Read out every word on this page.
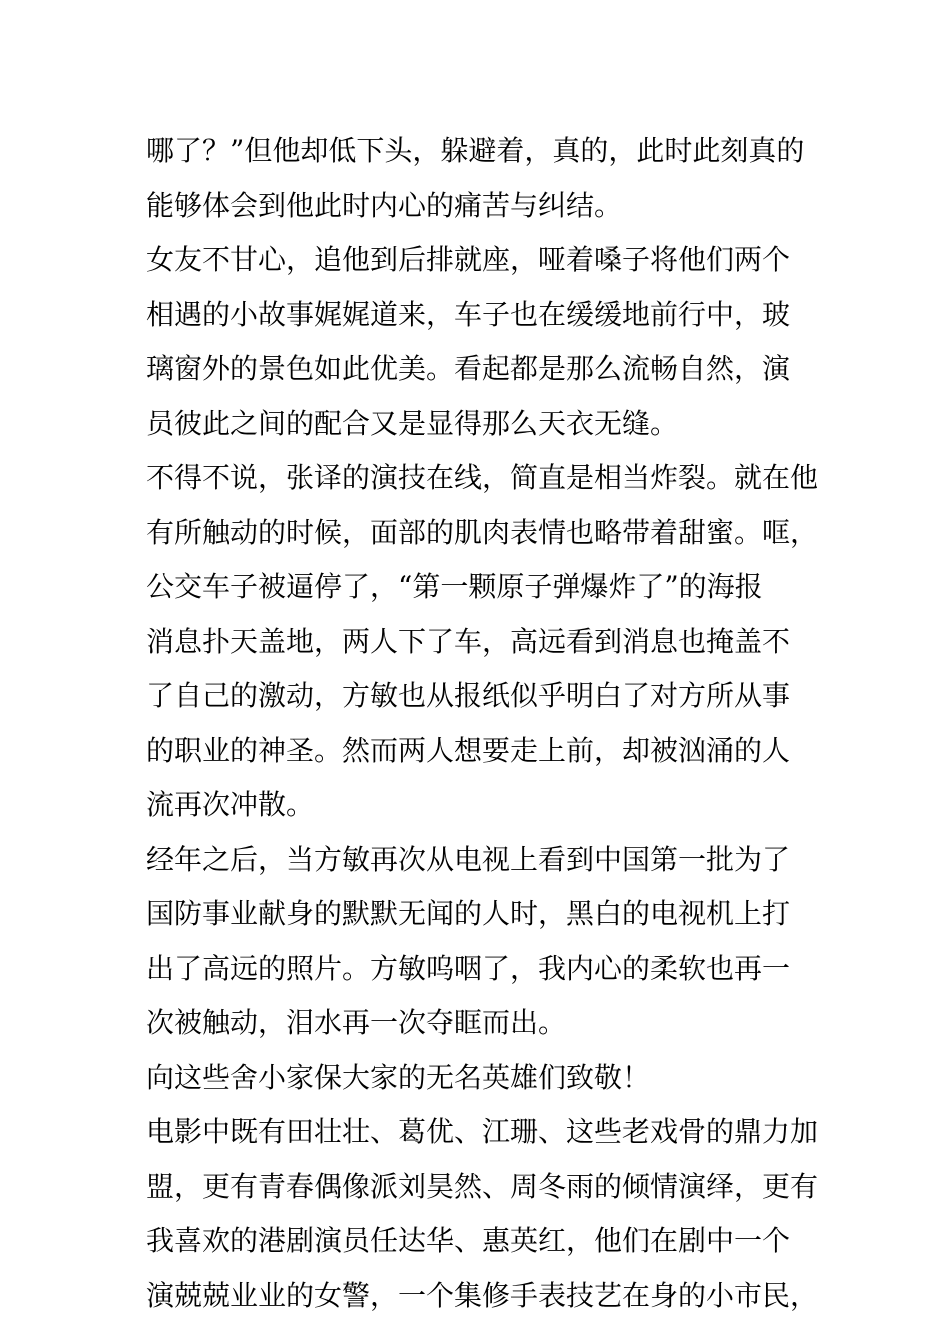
哪了？”但他却低下头，躲避着，真的，此时此刻真的
能够体会到他此时内心的痛苦与纠结。
女友不甘心，追他到后排就座，哑着嗓子将他们两个
相遇的小故事娓娓道来，车子也在缓缓地前行中，玻
璃窗外的景色如此优美。看起都是那么流畅自然，演
员彼此之间的配合又是显得那么天衣无缝。
不得不说，张译的演技在线，简直是相当炸裂。就在他
有所触动的时候，面部的肌肉表情也略带着甜蜜。哐，
公交车子被逼停了，“第一颗原子弹爆炸了”的海报
消息扑天盖地，两人下了车，高远看到消息也掩盖不
了自己的激动，方敏也从报纸似乎明白了对方所从事
的职业的神圣。然而两人想要走上前，却被汹涌的人
流再次冲散。
经年之后，当方敏再次从电视上看到中国第一批为了
国防事业献身的默默无闻的人时，黑白的电视机上打
出了高远的照片。方敏呜咽了，我内心的柔软也再一
次被触动，泪水再一次夺眶而出。
向这些舍小家保大家的无名英雄们致敬！
电影中既有田壮壮、葛优、江珊、这些老戏骨的鼎力加
盟，更有青春偶像派刘昊然、周冬雨的倾情演绎，更有
我喜欢的港剧演员任达华、惠英红，他们在剧中一个
演兢兢业业的女警，一个集修手表技艺在身的小市民，
